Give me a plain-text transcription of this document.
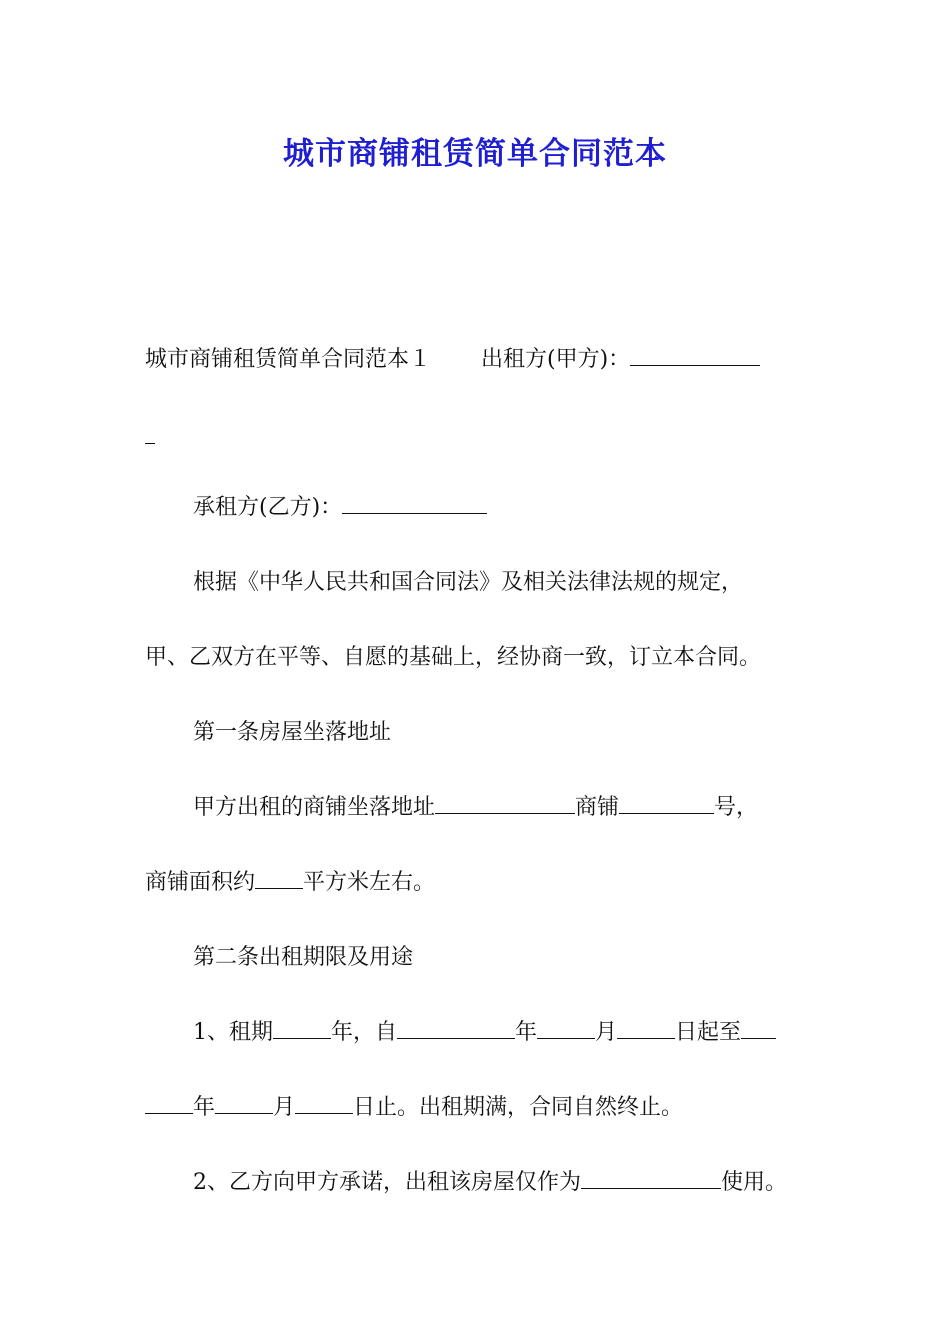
城市商铺租赁简单合同范本

城市商铺租赁简单合同范本１ 出租方(甲方)：

承租方(乙方)：

根据《中华人民共和国合同法》及相关法律法规的规定，

甲、乙双方在平等、自愿的基础上，经协商一致，订立本合同。

第一条房屋坐落地址

甲方出租的商铺坐落地址	商铺	号，

商铺面积约 平方米左右。

第二条出租期限及用途

1、租期	年，自	年	月	日起至

年	月	日止。出租期满，合同自然终止。

2、乙方向甲方承诺，出租该房屋仅作为	使用。
